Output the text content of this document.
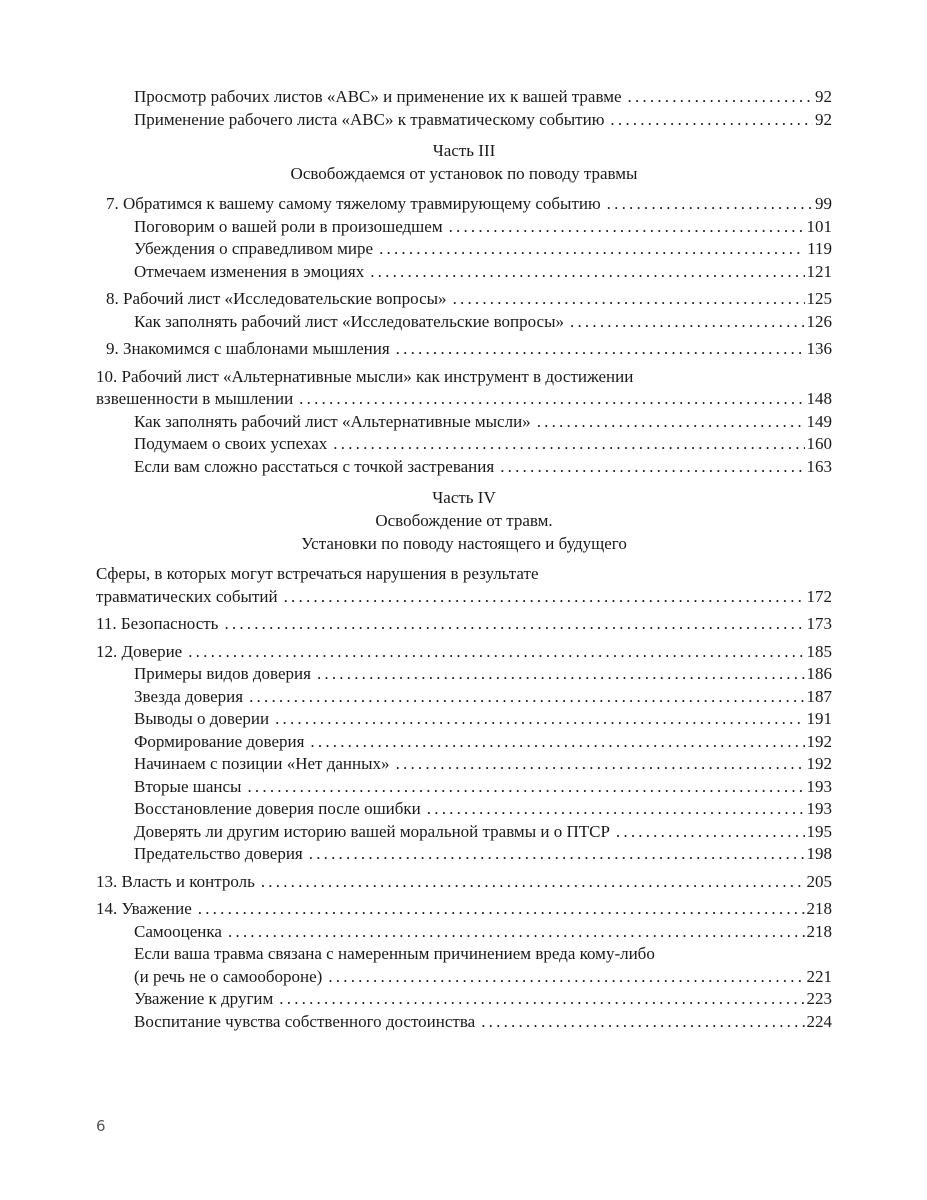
Просмотр рабочих листов «ABC» и применение их к вашей травме .....	92
Применение рабочего листа «ABC» к травматическому событию .....	92
Часть III
Освобождаемся от установок по поводу травмы
7. Обратимся к вашему самому тяжелому травмирующему событию .....	99
Поговорим о вашей роли в произошедшем .....	101
Убеждения о справедливом мире .....	119
Отмечаем изменения в эмоциях .....	121
8. Рабочий лист «Исследовательские вопросы» .....	125
Как заполнять рабочий лист «Исследовательские вопросы» .....	126
9. Знакомимся с шаблонами мышления .....	136
10. Рабочий лист «Альтернативные мысли» как инструмент в достижении
взвешенности в мышлении .....	148
Как заполнять рабочий лист «Альтернативные мысли» .....	149
Подумаем о своих успехах .....	160
Если вам сложно расстаться с точкой застревания .....	163
Часть IV
Освобождение от травм.
Установки по поводу настоящего и будущего
Сферы, в которых могут встречаться нарушения в результате
травматических событий .....	172
11. Безопасность .....	173
12. Доверие .....	185
Примеры видов доверия .....	186
Звезда доверия .....	187
Выводы о доверии .....	191
Формирование доверия .....	192
Начинаем с позиции «Нет данных» .....	192
Вторые шансы .....	193
Восстановление доверия после ошибки .....	193
Доверять ли другим историю вашей моральной травмы и о ПТСР .....	195
Предательство доверия .....	198
13. Власть и контроль .....	205
14. Уважение .....	218
Самооценка .....	218
Если ваша травма связана с намеренным причинением вреда кому-либо
(и речь не о самообороне) .....	221
Уважение к другим .....	223
Воспитание чувства собственного достоинства .....	224
6
